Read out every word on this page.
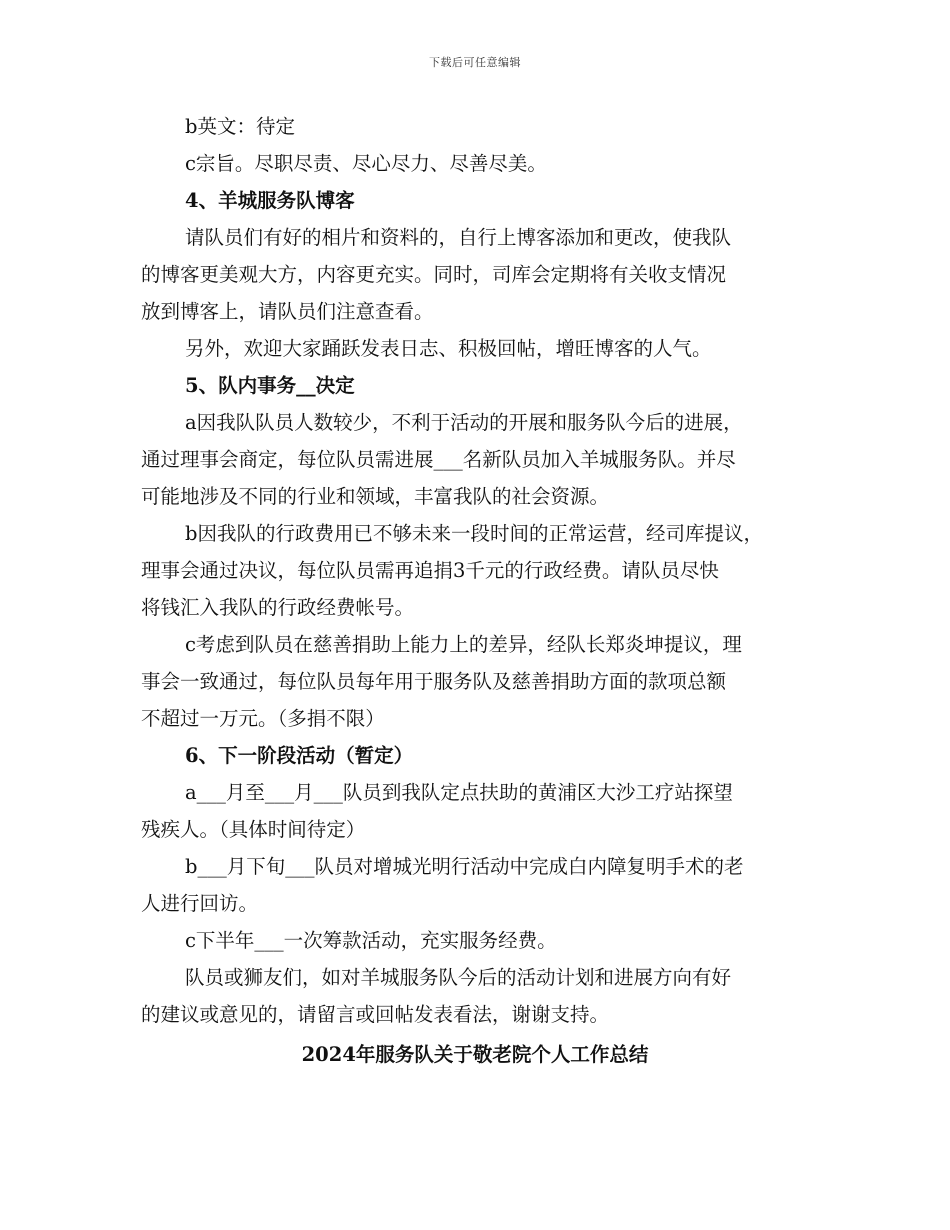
下载后可任意编辑
b英文：待定
c宗旨。尽职尽责、尽心尽力、尽善尽美。
4、羊城服务队博客
请队员们有好的相片和资料的，自行上博客添加和更改，使我队
的博客更美观大方，内容更充实。同时，司库会定期将有关收支情况
放到博客上，请队员们注意查看。
另外，欢迎大家踊跃发表日志、积极回帖，增旺博客的人气。
5、队内事务__决定
a因我队队员人数较少，不利于活动的开展和服务队今后的进展，
通过理事会商定，每位队员需进展___名新队员加入羊城服务队。并尽
可能地涉及不同的行业和领域，丰富我队的社会资源。
b因我队的行政费用已不够未来一段时间的正常运营，经司库提议，
理事会通过决议，每位队员需再追捐3千元的行政经费。请队员尽快
将钱汇入我队的行政经费帐号。
c考虑到队员在慈善捐助上能力上的差异，经队长郑炎坤提议，理
事会一致通过，每位队员每年用于服务队及慈善捐助方面的款项总额
不超过一万元。（多捐不限）
6、下一阶段活动（暂定）
a___月至___月___队员到我队定点扶助的黄浦区大沙工疗站探望
残疾人。（具体时间待定）
b___月下旬___队员对增城光明行活动中完成白内障复明手术的老
人进行回访。
c下半年___一次筹款活动，充实服务经费。
队员或狮友们，如对羊城服务队今后的活动计划和进展方向有好
的建议或意见的，请留言或回帖发表看法，谢谢支持。
2024年服务队关于敬老院个人工作总结
